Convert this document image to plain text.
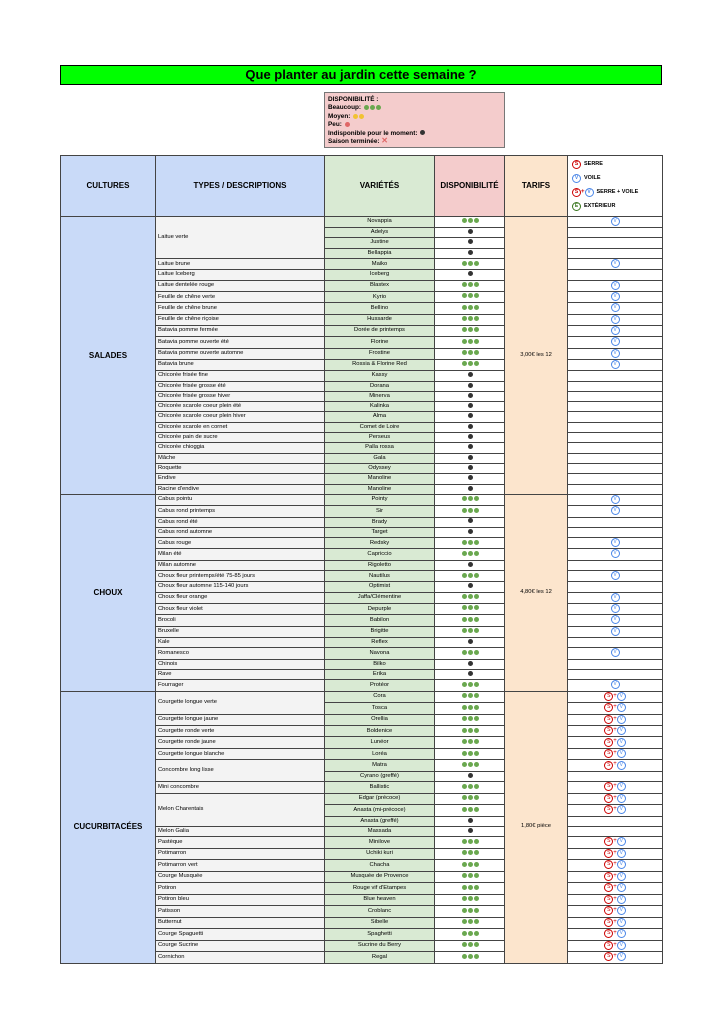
Que planter au jardin cette semaine ?
DISPONIBILITÉ :
Beaucoup:
Moyen:
Peu:
Indisponible pour le moment:
Saison terminée: ✕
CULTURES	TYPES / DESCRIPTIONS	VARIÉTÉS	DISPONIBILITÉ	TARIFS	S SERRE
V VOILE
S + V SERRE + VOILE
E EXTÉRIEUR

SALADES	Laitue verte	Novappia		3,00€ les 12	V
		Adelys			
		Justine			
		Bellappia			
	Laitue brune	Maiko			V
	Laitue Iceberg	Iceberg			
	Laitue dentelée rouge	Blastex			V
	Feuille de chêne verte	Kyrio			V
	Feuille de chêne brune	Bellino			V
	Feuille de chêne riçoise	Hussarde			V
	Batavia pomme fermée	Dorée de printemps			V
	Batavia pomme ouverte été	Florine			V
	Batavia pomme ouverte automne	Frostine			V
	Batavia brune	Rossia & Florine Red			V
	Chicorée frisée fine	Kassy			
	Chicorée frisée grosse été	Dorana			
	Chicorée frisée grosse hiver	Minerva			
	Chicorée scarole coeur plein été	Kalinka			
	Chicorée scarole coeur plein hiver	Alma			
	Chicorée scarole en cornet	Comet de Loire			
	Chicorée pain de sucre	Perseus			
	Chicorée chioggia	Palla rossa			
	Mâche	Gala			
	Roquette	Odyssey			
	Endive	Manoline			
	Racine d'endive	Manoline			
CHOUX	Cabus pointu	Pointy		4,80€ les 12	V
	Cabus rond printemps	Sir			V
	Cabus rond été	Brady			
	Cabus rond automne	Target			
	Cabus rouge	Redsky			V
	Milan été	Capriccio			V
	Milan automne	Rigoletto			
	Choux fleur printemps/été 75-85 jours	Nautilus			V
	Choux fleur automne 115-140 jours	Optimist			
	Choux fleur orange	Jaffa/Clémentine			V
	Choux fleur violet	Depurple			V
	Brocoli	Babilon			V
	Bruxelle	Brigitte			V
	Kale	Reflex			
	Romanesco	Navona			V
	Chinois	Bilko			
	Rave	Erika			
	Fourrager	Protéor			V
CUCURBITACÉES	Courgette longue verte	Cora		1,80€ pièce	S + V
		Tosca			S + V
	Courgette longue jaune	Orellia			S + V
	Courgette ronde verte	Boldenice			S + V
	Courgette ronde jaune	Lunéor			S + V
	Courgette longue blanche	Loréa			S + V
	Concombre long lisse	Matra			S + V
		Cyrano (greffé)			
	Mini concombre	Ballistic			S + V
	Melon Charentais	Edgar (précoce)			S + V
		Anasta (mi-précoce)			S + V
		Anasta (greffé)			
	Melon Galia	Massada			
	Pastèque	Minilove			S + V
	Potimarron	Uchiki kuri			S + V
	Potimarron vert	Chacha			S + V
	Courge Musquée	Musquée de Provence			S + V
	Potiron	Rouge vif d'Etampes			S + V
	Potiron bleu	Blue heaven			S + V
	Patisson	Croblanc			S + V
	Butternut	Sibelle			S + V
	Courge Spaguetti	Spaghetti			S + V
	Courge Sucrine	Sucrine du Berry			S + V
	Cornichon	Regal			S + V
